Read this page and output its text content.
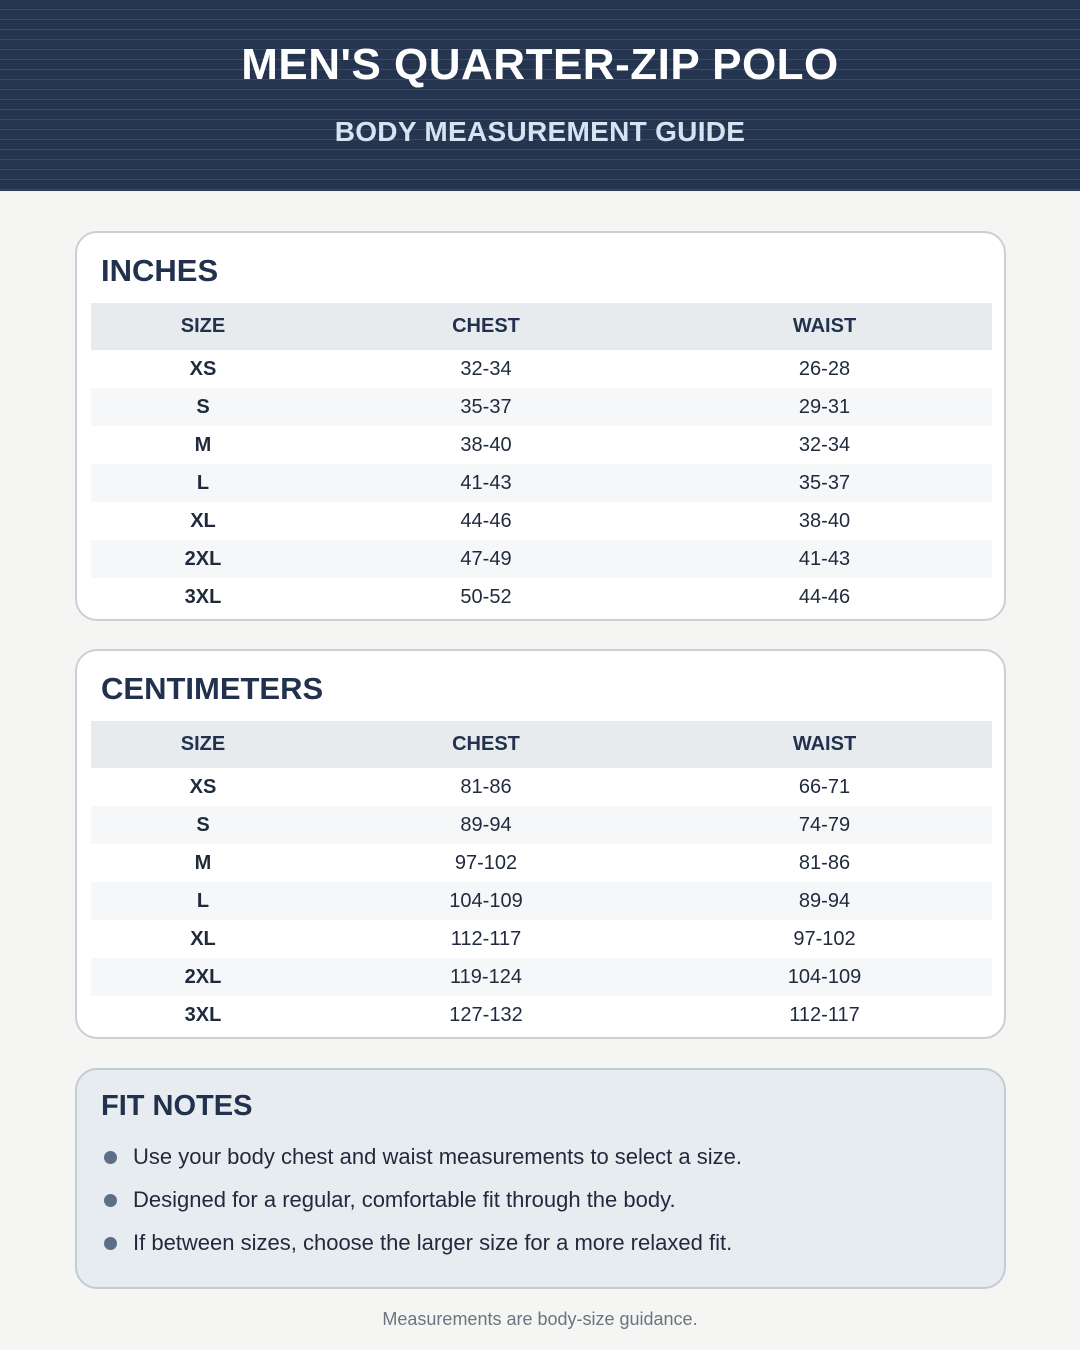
MEN'S QUARTER-ZIP POLO
BODY MEASUREMENT GUIDE
INCHES
SIZE	CHEST	WAIST
XS	32-34	26-28
S	35-37	29-31
M	38-40	32-34
L	41-43	35-37
XL	44-46	38-40
2XL	47-49	41-43
3XL	50-52	44-46
CENTIMETERS
SIZE	CHEST	WAIST
XS	81-86	66-71
S	89-94	74-79
M	97-102	81-86
L	104-109	89-94
XL	112-117	97-102
2XL	119-124	104-109
3XL	127-132	112-117
FIT NOTES
Use your body chest and waist measurements to select a size.
Designed for a regular, comfortable fit through the body.
If between sizes, choose the larger size for a more relaxed fit.
Measurements are body-size guidance.
